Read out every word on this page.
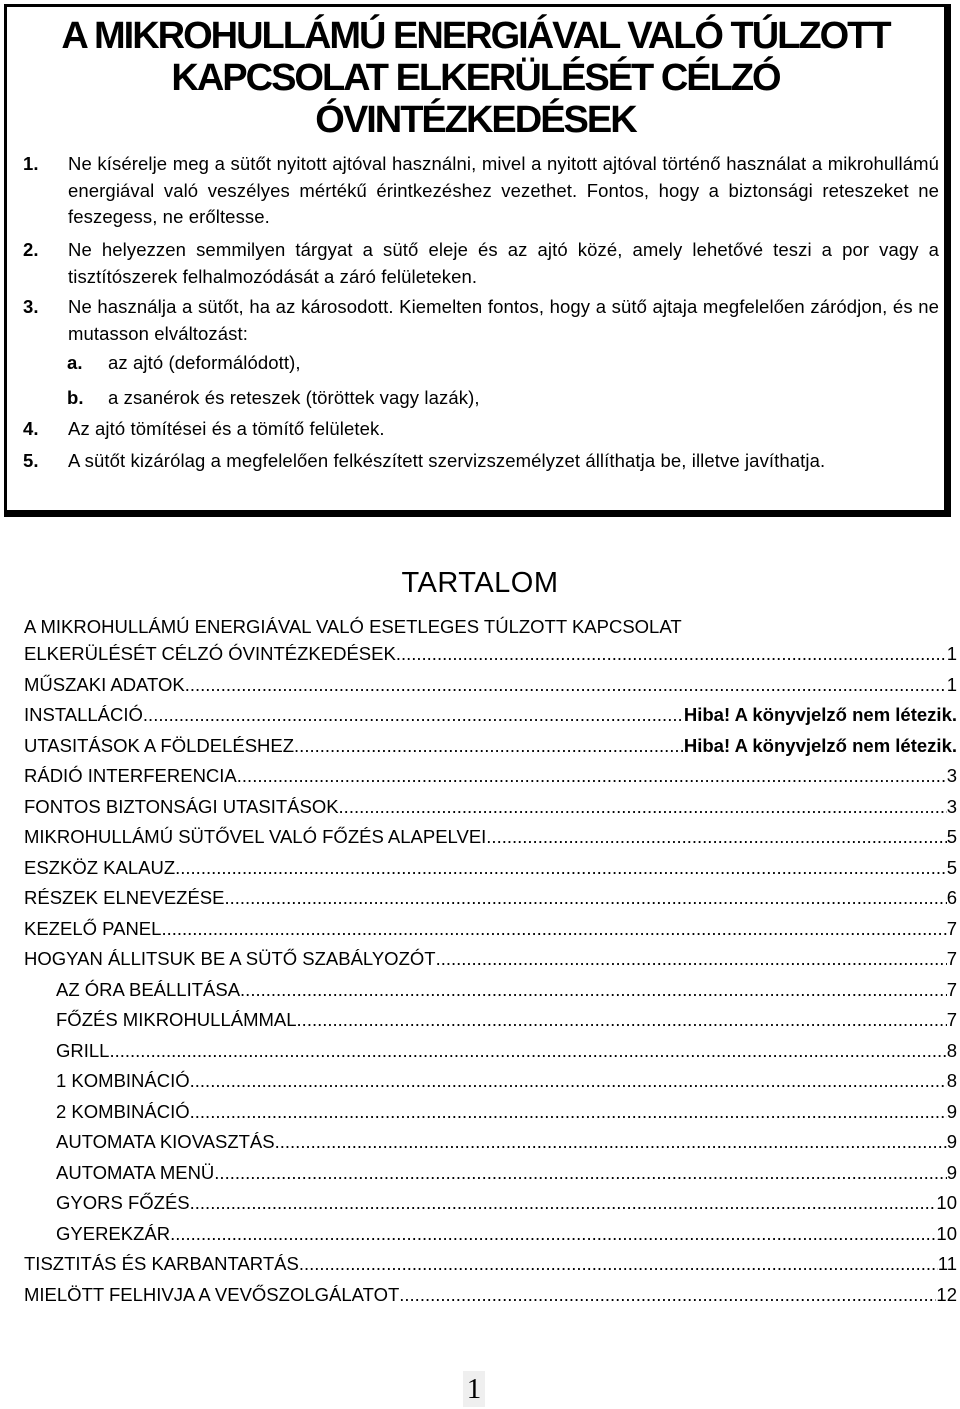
A MIKROHULLÁMÚ ENERGIÁVAL VALÓ TÚLZOTT
KAPCSOLAT ELKERÜLÉSÉT CÉLZÓ
ÓVINTÉZKEDÉSEK
1. Ne kísérelje meg a sütőt nyitott ajtóval használni, mivel a nyitott ajtóval történő használat a mikrohullámú energiával való veszélyes mértékű érintkezéshez vezethet. Fontos, hogy a biztonsági reteszeket ne feszegess, ne erőltesse.
2. Ne helyezzen semmilyen tárgyat a sütő eleje és az ajtó közé, amely lehetővé teszi a por vagy a tisztítószerek felhalmozódását a záró felületeken.
3. Ne használja a sütőt, ha az károsodott. Kiemelten fontos, hogy a sütő ajtaja megfelelően záródjon, és ne mutasson elváltozást:
a. az ajtó (deformálódott),
b. a zsanérok és reteszek (töröttek vagy lazák),
4. Az ajtó tömítései és a tömítő felületek.
5. A sütőt kizárólag a megfelelően felkészített szervizszemélyzet állíthatja be, illetve javíthatja.
TARTALOM
A MIKROHULLÁMÚ ENERGIÁVAL VALÓ ESETLEGES TÚLZOTT KAPCSOLAT
ELKERÜLÉSÉT CÉLZÓ ÓVINTÉZKEDÉSEK .....	1
MŰSZAKI ADATOK .....	1
INSTALLÁCIÓ .....	Hiba! A könyvjelző nem létezik.
UTASITÁSOK A FÖLDELÉSHEZ .....	Hiba! A könyvjelző nem létezik.
RÁDIÓ INTERFERENCIA .....	3
FONTOS BIZTONSÁGI UTASITÁSOK .....	3
MIKROHULLÁMÚ SÜTŐVEL VALÓ FŐZÉS ALAPELVEI .....	5
ESZKÖZ KALAUZ .....	5
RÉSZEK ELNEVEZÉSE .....	6
KEZELŐ PANEL .....	7
HOGYAN ÁLLITSUK BE A SÜTŐ SZABÁLYOZÓT .....	7
AZ ÓRA BEÁLLITÁSA .....	7
FŐZÉS MIKROHULLÁMMAL .....	7
GRILL .....	8
1 KOMBINÁCIÓ .....	8
2 KOMBINÁCIÓ .....	9
AUTOMATA KIOVASZTÁS .....	9
AUTOMATA MENÜ .....	9
GYORS FŐZÉS .....	10
GYEREKZÁR .....	10
TISZTITÁS ÉS KARBANTARTÁS .....	11
MIELÖTT FELHIVJA A VEVŐSZOLGÁLATOT .....	12
1
